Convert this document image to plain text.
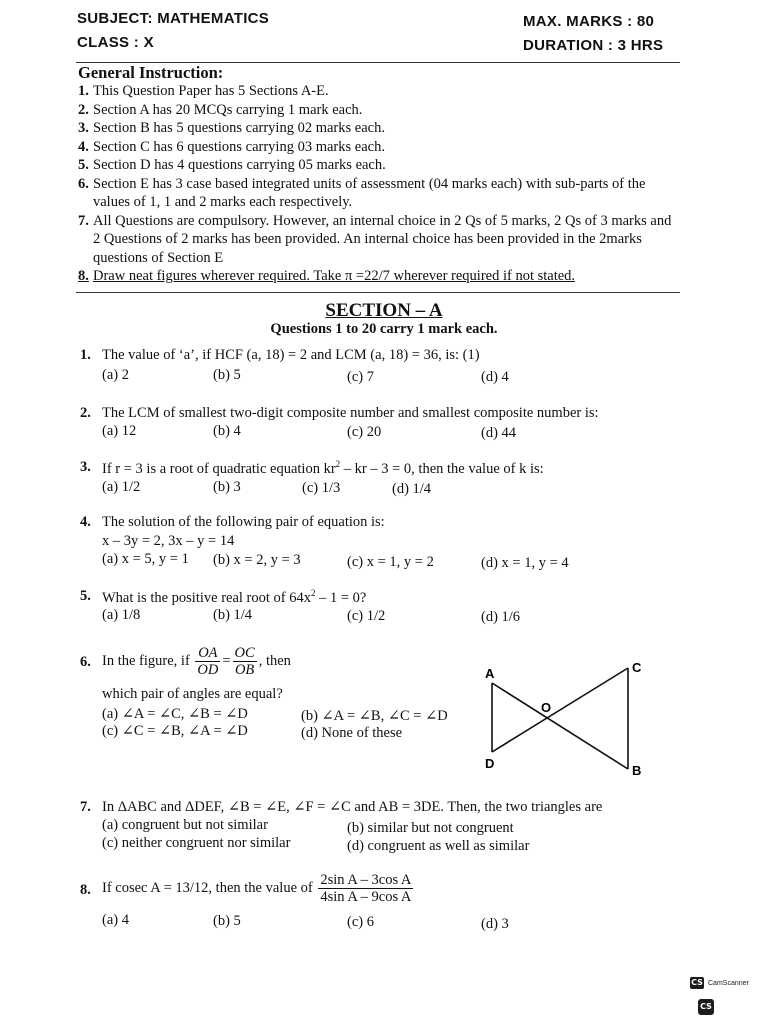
SUBJECT: MATHEMATICS
CLASS : X
MAX. MARKS : 80
DURATION : 3 HRS
General Instruction:
1. This Question Paper has 5 Sections A-E.
2. Section A has 20 MCQs carrying 1 mark each.
3. Section B has 5 questions carrying 02 marks each.
4. Section C has 6 questions carrying 03 marks each.
5. Section D has 4 questions carrying 05 marks each.
6. Section E has 3 case based integrated units of assessment (04 marks each) with sub-parts of the values of 1, 1 and 2 marks each respectively.
7. All Questions are compulsory. However, an internal choice in 2 Qs of 5 marks, 2 Qs of 3 marks and 2 Questions of 2 marks has been provided. An internal choice has been provided in the 2marks questions of Section E
8. Draw neat figures wherever required. Take π =22/7 wherever required if not stated.
SECTION – A
Questions 1 to 20 carry 1 mark each.
1. The value of ‘a’, if HCF (a, 18) = 2 and LCM (a, 18) = 36, is: (1)
(a) 2	(b) 5	(c) 7	(d) 4
2. The LCM of smallest two-digit composite number and smallest composite number is:
(a) 12	(b) 4	(c) 20	(d) 44
3. If r = 3 is a root of quadratic equation $kr^2$ – kr – 3 = 0, then the value of k is:
(a) 1/2	(b) 3	(c) 1/3	(d) 1/4
4. The solution of the following pair of equation is:
x – 3y = 2, 3x – y = 14
(a) x = 5, y = 1 (b) x = 2, y = 3	(c) x = 1, y = 2	(d) x = 1, y = 4
5. What is the positive real root of $64x^2 - 1 = 0$?
(a) 1/8	(b) 1/4	(c) 1/2	(d) 1/6
6. In the figure, if $\frac{OA}{OD} = \frac{OC}{OB}$ , then
which pair of angles are equal?
(a) ∠A = ∠C, ∠B = ∠D	(b) ∠A = ∠B, ∠C = ∠D
(c) ∠C = ∠B, ∠A = ∠D	(d) None of these
A	C
O
D	B
7. In ΔABC and ΔDEF, ∠B = ∠E, ∠F = ∠C and AB = 3DE. Then, the two triangles are
(a) congruent but not similar	(b) similar but not congruent
(c) neither congruent nor similar	(d) congruent as well as similar
8. If cosec A = 13/12, then the value of $\frac{\text{2sin A – 3cos A}}{\text{4sin A – 9cos A}}$
(a) 4	(b) 5	(c) 6	(d) 3
CS CamScanner
CS
